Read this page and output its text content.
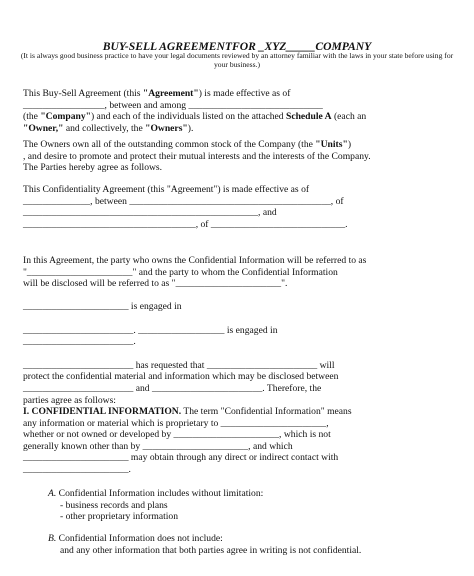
BUY-SELL AGREEMENTFOR _XYZ_____COMPANY
(It is always good business practice to have your legal documents reviewed by an attorney familiar with the laws in your state before using for your business.)
This Buy-Sell Agreement (this "Agreement") is made effective as of
_________________, between and among ____________________________
(the "Company") and each of the individuals listed on the attached Schedule A (each an
"Owner," and collectively, the "Owners").
The Owners own all of the outstanding common stock of the Company (the "Units")
, and desire to promote and protect their mutual interests and the interests of the Company.
The Parties hereby agree as follows.
This Confidentiality Agreement (this "Agreement") is made effective as of
______________, between __________________________________________, of
_________________________________________________, and
____________________________________, of ____________________________.
In this Agreement, the party who owns the Confidential Information will be referred to as
"______________________" and the party to whom the Confidential Information
will be disclosed will be referred to as "______________________".
______________________ is engaged in
_______________________. __________________ is engaged in
_______________________.
_______________________ has requested that _______________________ will
protect the confidential material and information which may be disclosed between
_______________________ and _______________________. Therefore, the
parties agree as follows:
I. CONFIDENTIAL INFORMATION. The term "Confidential Information" means
any information or material which is proprietary to ______________________,
whether or not owned or developed by ______________________, which is not
generally known other than by ______________________, and which
______________________ may obtain through any direct or indirect contact with
______________________.
A. Confidential Information includes without limitation:
- business records and plans
- other proprietary information
B. Confidential Information does not include:
and any other information that both parties agree in writing is not confidential.
